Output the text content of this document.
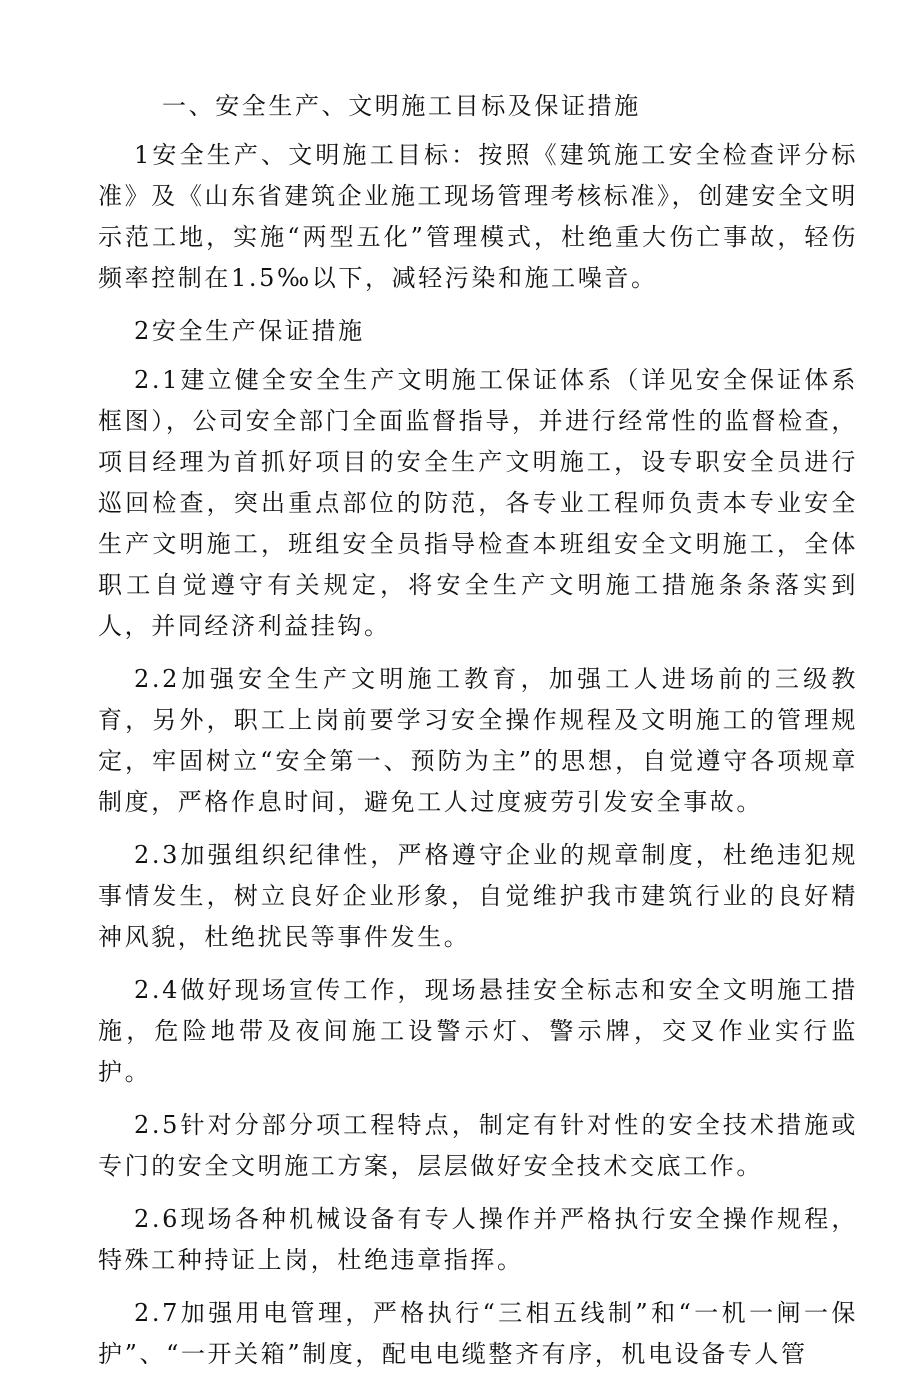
一、安全生产、文明施工目标及保证措施

1安全生产、文明施工目标：按照《建筑施工安全检查评分标准》及《山东省建筑企业施工现场管理考核标准》，创建安全文明示范工地，实施“两型五化”管理模式，杜绝重大伤亡事故，轻伤频率控制在1.5‰以下，减轻污染和施工噪音。

2安全生产保证措施

2.1建立健全安全生产文明施工保证体系（详见安全保证体系框图），公司安全部门全面监督指导，并进行经常性的监督检查，项目经理为首抓好项目的安全生产文明施工，设专职安全员进行巡回检查，突出重点部位的防范，各专业工程师负责本专业安全生产文明施工，班组安全员指导检查本班组安全文明施工，全体职工自觉遵守有关规定，将安全生产文明施工措施条条落实到人，并同经济利益挂钩。

2.2加强安全生产文明施工教育，加强工人进场前的三级教育，另外，职工上岗前要学习安全操作规程及文明施工的管理规定，牢固树立“安全第一、预防为主”的思想，自觉遵守各项规章制度，严格作息时间，避免工人过度疲劳引发安全事故。

2.3加强组织纪律性，严格遵守企业的规章制度，杜绝违犯规事情发生，树立良好企业形象，自觉维护我市建筑行业的良好精神风貌，杜绝扰民等事件发生。

2.4做好现场宣传工作，现场悬挂安全标志和安全文明施工措施，危险地带及夜间施工设警示灯、警示牌，交叉作业实行监护。

2.5针对分部分项工程特点，制定有针对性的安全技术措施或专门的安全文明施工方案，层层做好安全技术交底工作。

2.6现场各种机械设备有专人操作并严格执行安全操作规程，特殊工种持证上岗，杜绝违章指挥。

2.7加强用电管理，严格执行“三相五线制”和“一机一闸一保护”、“一开关箱”制度，配电电缆整齐有序，机电设备专人管
